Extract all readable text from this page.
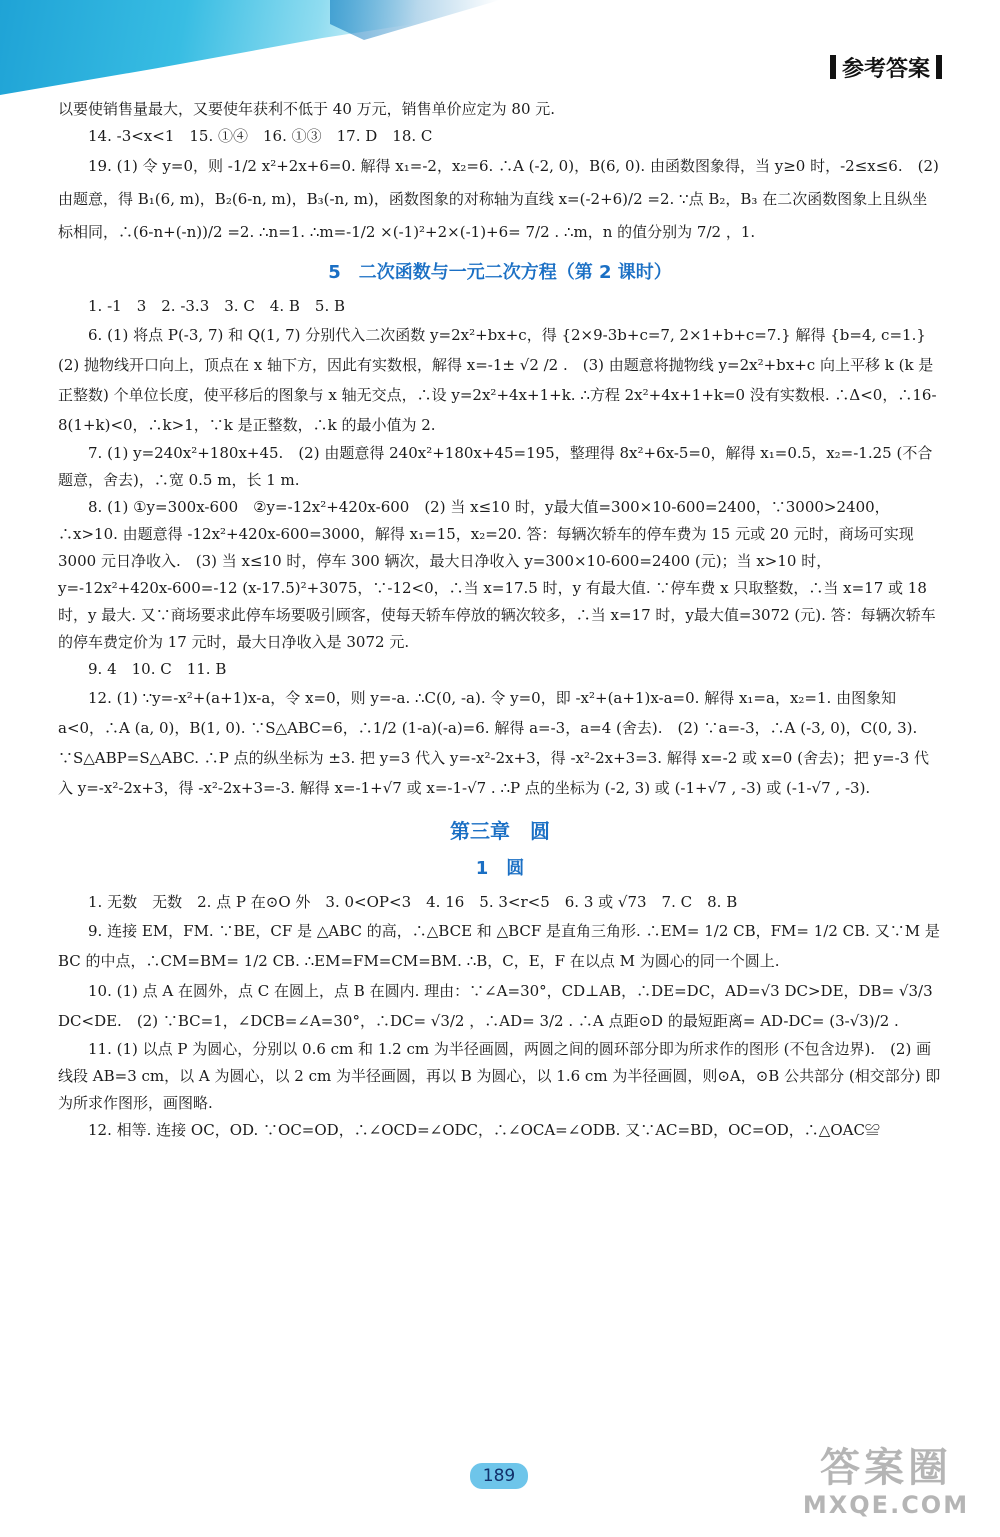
参考答案

以要使销售量最大，又要使年获利不低于 40 万元，销售单价应定为 80 元.

14. -3<x<1　15. ①④　16. ①③　17. D　18. C

19. (1) 令 y=0，则 -1/2 x²+2x+6=0. 解得 x₁=-2，x₂=6. ∴A (-2, 0)，B(6, 0). 由函数图象得，当 y≥0 时，-2≤x≤6.　(2) 由题意，得 B₁(6, m)，B₂(6-n, m)，B₃(-n, m)，函数图象的对称轴为直线 x=(-2+6)/2 =2. ∵点 B₂，B₃ 在二次函数图象上且纵坐标相同，∴(6-n+(-n))/2 =2. ∴n=1. ∴m=-1/2 ×(-1)²+2×(-1)+6= 7/2 . ∴m，n 的值分别为 7/2 ，1.

5　二次函数与一元二次方程（第 2 课时）

1. -1　3　2. -3.3　3. C　4. B　5. B

6. (1) 将点 P(-3, 7) 和 Q(1, 7) 分别代入二次函数 y=2x²+bx+c，得 {2×9-3b+c=7, 2×1+b+c=7.} 解得 {b=4, c=1.}　(2) 抛物线开口向上，顶点在 x 轴下方，因此有实数根，解得 x=-1± √2 /2 .　(3) 由题意将抛物线 y=2x²+bx+c 向上平移 k (k 是正整数) 个单位长度，使平移后的图象与 x 轴无交点，∴设 y=2x²+4x+1+k. ∴方程 2x²+4x+1+k=0 没有实数根. ∴Δ<0，∴16-8(1+k)<0，∴k>1，∵k 是正整数，∴k 的最小值为 2.

7. (1) y=240x²+180x+45.　(2) 由题意得 240x²+180x+45=195，整理得 8x²+6x-5=0，解得 x₁=0.5，x₂=-1.25 (不合题意，舍去)，∴宽 0.5 m，长 1 m.

8. (1) ①y=300x-600　②y=-12x²+420x-600　(2) 当 x≤10 时，y最大值=300×10-600=2400，∵3000>2400，∴x>10. 由题意得 -12x²+420x-600=3000，解得 x₁=15，x₂=20. 答：每辆次轿车的停车费为 15 元或 20 元时，商场可实现 3000 元日净收入.　(3) 当 x≤10 时，停车 300 辆次，最大日净收入 y=300×10-600=2400 (元)；当 x>10 时，y=-12x²+420x-600=-12 (x-17.5)²+3075，∵-12<0，∴当 x=17.5 时，y 有最大值. ∵停车费 x 只取整数，∴当 x=17 或 18 时，y 最大. 又∵商场要求此停车场要吸引顾客，使每天轿车停放的辆次较多，∴当 x=17 时，y最大值=3072 (元). 答：每辆次轿车的停车费定价为 17 元时，最大日净收入是 3072 元.

9. 4　10. C　11. B

12. (1) ∵y=-x²+(a+1)x-a，令 x=0，则 y=-a. ∴C(0, -a). 令 y=0，即 -x²+(a+1)x-a=0. 解得 x₁=a，x₂=1. 由图象知 a<0，∴A (a, 0)，B(1, 0). ∵S△ABC=6，∴1/2 (1-a)(-a)=6. 解得 a=-3，a=4 (舍去).　(2) ∵a=-3，∴A (-3, 0)，C(0, 3). ∵S△ABP=S△ABC. ∴P 点的纵坐标为 ±3. 把 y=3 代入 y=-x²-2x+3，得 -x²-2x+3=3. 解得 x=-2 或 x=0 (舍去)；把 y=-3 代入 y=-x²-2x+3，得 -x²-2x+3=-3. 解得 x=-1+√7 或 x=-1-√7 . ∴P 点的坐标为 (-2, 3) 或 (-1+√7 , -3) 或 (-1-√7 , -3).

第三章　圆
1　圆

1. 无数　无数　2. 点 P 在⊙O 外　3. 0<OP<3　4. 16　5. 3<r<5　6. 3 或 √73　7. C　8. B

9. 连接 EM，FM. ∵BE，CF 是 △ABC 的高，∴△BCE 和 △BCF 是直角三角形. ∴EM= 1/2 CB，FM= 1/2 CB. 又∵M 是 BC 的中点，∴CM=BM= 1/2 CB. ∴EM=FM=CM=BM. ∴B，C，E，F 在以点 M 为圆心的同一个圆上.

10. (1) 点 A 在圆外，点 C 在圆上，点 B 在圆内. 理由：∵∠A=30°，CD⊥AB，∴DE=DC，AD=√3 DC>DE，DB= √3/3 DC<DE.　(2) ∵BC=1，∠DCB=∠A=30°，∴DC= √3/2 ，∴AD= 3/2 . ∴A 点距⊙D 的最短距离= AD-DC= (3-√3)/2 .

11. (1) 以点 P 为圆心，分别以 0.6 cm 和 1.2 cm 为半径画圆，两圆之间的圆环部分即为所求作的图形 (不包含边界).　(2) 画线段 AB=3 cm，以 A 为圆心，以 2 cm 为半径画圆，再以 B 为圆心，以 1.6 cm 为半径画圆，则⊙A，⊙B 公共部分 (相交部分) 即为所求作图形，画图略.

12. 相等. 连接 OC，OD. ∵OC=OD，∴∠OCD=∠ODC，∴∠OCA=∠ODB. 又∵AC=BD，OC=OD，∴△OAC≌

189	答案圈
MXQE.COM
